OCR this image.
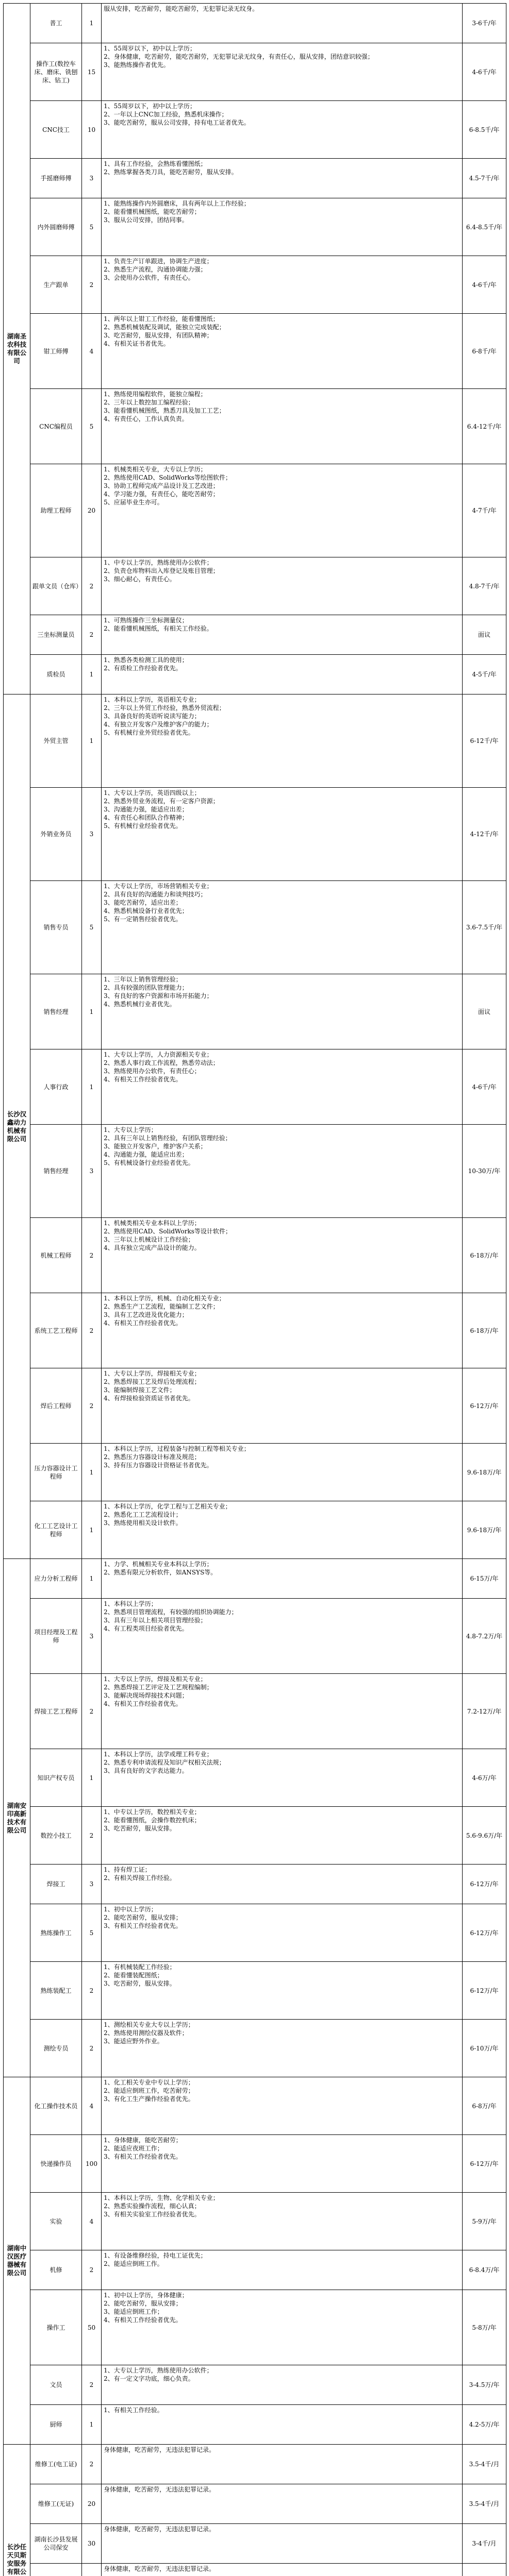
湖南圣农科技有限公司	普工	1	服从安排，吃苦耐劳，能吃苦耐劳，无犯罪记录无纹身。	3-6千/年
	操作工(数控车床、磨床、铣刨床、钻工)	15	1、55周岁以下，初中以上学历；
2、身体健康，吃苦耐劳，能吃苦耐劳，无犯罪记录无纹身，有责任心，服从安排，团结意识较强；
3、能熟练操作者优先。	4-6千/年
	CNC技工	10	1、55周岁以下，初中以上学历；
2、一年以上CNC加工经验，熟悉机床操作；
3、能吃苦耐劳，服从公司安排，持有电工证者优先。	6-8.5千/年
	手摇磨师傅	3	1、具有工作经验，会熟练看懂图纸；
2、熟练掌握各类刀具，能吃苦耐劳，服从安排。	4.5-7千/年
	内外圆磨师傅	5	1、能熟练操作内外圆磨床，具有两年以上工作经验；
2、能看懂机械图纸，能吃苦耐劳；
3、服从公司安排，团结同事。	6.4-8.5千/年
	生产跟单	2	1、负责生产订单跟进，协调生产进度；
2、熟悉生产流程，沟通协调能力强；
3、会使用办公软件，有责任心。	4-6千/年
	钳工师傅	4	1、两年以上钳工工作经验，能看懂图纸；
2、熟悉机械装配及调试，能独立完成装配；
3、吃苦耐劳，服从安排，有团队精神；
4、有相关证书者优先。	6-8千/年
	CNC编程员	5	1、熟练使用编程软件，能独立编程；
2、三年以上数控加工编程经验；
3、能看懂机械图纸，熟悉刀具及加工工艺；
4、有责任心，工作认真负责。	6.4-12千/年
	助理工程师	20	1、机械类相关专业，大专以上学历；
2、熟练使用CAD、SolidWorks等绘图软件；
3、协助工程师完成产品设计及工艺改进；
4、学习能力强，有责任心，能吃苦耐劳；
5、应届毕业生亦可。	4-7千/年
	跟单文员（仓库）	2	1、中专以上学历，熟练使用办公软件；
2、负责仓库物料出入库登记及账目管理；
3、细心耐心，有责任心。	4.8-7千/年
	三坐标测量员	2	1、可熟练操作三坐标测量仪；
2、能看懂机械图纸，有相关工作经验。	面议
	质检员	1	1、熟悉各类检测工具的使用；
2、有质检工作经验者优先。	4-5千/年
长沙汉鑫动力机械有限公司	外贸主管	1	1、本科以上学历，英语相关专业；
2、三年以上外贸工作经验，熟悉外贸流程；
3、具备良好的英语听说读写能力；
4、有独立开发客户及维护客户的能力；
5、有机械行业外贸经验者优先。	6-12千/年
	外销业务员	3	1、大专以上学历，英语四级以上；
2、熟悉外贸业务流程，有一定客户资源；
3、沟通能力强，能适应出差；
4、有责任心和团队合作精神；
5、有机械行业经验者优先。	4-12千/年
	销售专员	5	1、大专以上学历，市场营销相关专业；
2、具有良好的沟通能力和谈判技巧；
3、能吃苦耐劳，适应出差；
4、熟悉机械设备行业者优先；
5、有一定销售经验者优先。	3.6-7.5千/年
	销售经理	1	1、三年以上销售管理经验；
2、具有较强的团队管理能力；
3、有良好的客户资源和市场开拓能力；
4、熟悉机械行业者优先。	面议
	人事行政	1	1、大专以上学历，人力资源相关专业；
2、熟悉人事行政工作流程，熟悉劳动法；
3、熟练使用办公软件，有责任心；
4、有相关工作经验者优先。	4-6千/年
	销售经理	3	1、大专以上学历；
2、具有三年以上销售经验，有团队管理经验；
3、能独立开发客户，维护客户关系；
4、沟通能力强，能适应出差；
5、有机械设备行业经验者优先。	10-30万/年
	机械工程师	2	1、机械类相关专业本科以上学历；
2、熟练使用CAD、SolidWorks等设计软件；
3、三年以上机械设计工作经验；
4、具有独立完成产品设计的能力。	6-18万/年
	系统工艺工程师	2	1、本科以上学历，机械、自动化相关专业；
2、熟悉生产工艺流程，能编制工艺文件；
3、具有工艺改进及优化能力；
4、有相关工作经验者优先。	6-18万/年
	焊后工程师	2	1、大专以上学历，焊接相关专业；
2、熟悉焊接工艺及焊后处理流程；
3、能编制焊接工艺文件；
4、有焊接检验资质证书者优先。	6-12万/年
	压力容器设计工程师	1	1、本科以上学历，过程装备与控制工程等相关专业；
2、熟悉压力容器设计标准及规范；
3、持有压力容器设计资格证书者优先。	9.6-18万/年
	化工工艺设计工程师	1	1、本科以上学历，化学工程与工艺相关专业；
2、熟悉化工工艺流程设计；
3、熟练使用相关设计软件。	9.6-18万/年
湖南安印高新技术有限公司	应力分析工程师	1	1、力学、机械相关专业本科以上学历；
2、熟悉有限元分析软件，如ANSYS等。	6-15万/年
	项目经理及工程师	3	1、本科以上学历；
2、熟悉项目管理流程，有较强的组织协调能力；
3、具有三年以上相关项目管理经验；
4、有工程类项目经验者优先。	4.8-7.2万/年
	焊接工艺工程师	2	1、大专以上学历，焊接及相关专业；
2、熟悉焊接工艺评定及工艺规程编制；
3、能解决现场焊接技术问题；
4、有相关工作经验者优先。	7.2-12万/年
	知识产权专员	1	1、本科以上学历，法学或理工科专业；
2、熟悉专利申请流程及知识产权相关法规；
3、具有良好的文字表达能力。	4-6万/年
	数控小技工	2	1、中专以上学历，数控相关专业；
2、能看懂图纸，会操作数控机床；
3、吃苦耐劳，服从安排。	5.6-9.6万/年
	焊接工	3	1、持有焊工证；
2、有相关焊接工作经验。	6-12万/年
	熟练操作工	5	1、初中以上学历；
2、能吃苦耐劳，服从安排；
3、有相关工作经验者优先。	6-12万/年
	熟练装配工	2	1、有机械装配工作经验；
2、能看懂装配图纸；
3、吃苦耐劳，服从安排。	6-12万/年
	测绘专员	2	1、测绘相关专业大专以上学历；
2、熟练使用测绘仪器及软件；
3、能适应野外作业。	6-10万/年
湖南中汉医疗器械有限公司	化工操作技术员	4	1、化工相关专业中专以上学历；
2、能适应倒班工作，吃苦耐劳；
3、有化工生产操作经验者优先。	6-8万/年
	快递操作员	100	1、身体健康，能吃苦耐劳；
2、能适应夜班工作；
3、有相关工作经验者优先。	6-12万/年
	实验	4	1、本科以上学历，生物、化学相关专业；
2、熟悉实验操作流程，细心认真；
3、有相关实验室工作经验者优先。	5-9万/年
	机修	2	1、有设备维修经验，持电工证优先；
2、能适应倒班工作。	6-8.4万/年
	操作工	50	1、初中以上学历，身体健康；
2、能吃苦耐劳，服从安排；
3、能适应倒班工作；
4、有相关工作经验者优先。	5-8万/年
	文员	2	1、大专以上学历，熟练使用办公软件；
2、有一定文字功底，细心负责。	3-4.5万/年
	厨师	1	1、有相关工作经验。	4.2-5万/年
长沙任天贝斯安服务有限公	维修工(电工证)	2	身体健康，吃苦耐劳，无违法犯罪记录。	3.5-4千/月
	维修工(无证)	20	身体健康，吃苦耐劳，无违法犯罪记录。	3.5-4千/月
	湖南长沙县发展公司保安	30	身体健康，吃苦耐劳，无违法犯罪记录。	3-4千/月

身体健康，吃苦耐劳，无违法犯罪记录。
